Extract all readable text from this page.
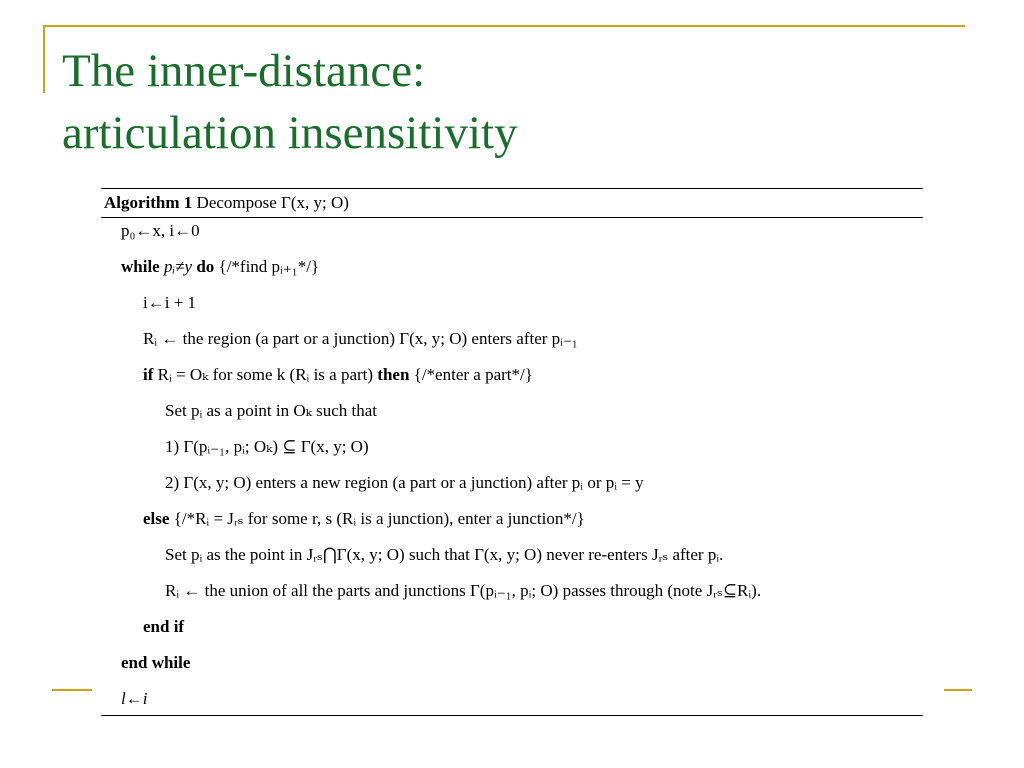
The inner-distance:
articulation insensitivity
Algorithm 1 Decompose Γ(x, y; O)
p₀←x, i←0
while pᵢ≠y do {/*find pᵢ₊₁*/}
i←i + 1
Rᵢ ← the region (a part or a junction) Γ(x, y; O) enters after pᵢ₋₁
if Rᵢ = Oₖ for some k (Rᵢ is a part) then {/*enter a part*/}
Set pᵢ as a point in Oₖ such that
1) Γ(pᵢ₋₁, pᵢ; Oₖ) ⊆ Γ(x, y; O)
2) Γ(x, y; O) enters a new region (a part or a junction) after pᵢ or pᵢ = y
else {/*Rᵢ = Jᵣₛ for some r, s (Rᵢ is a junction), enter a junction*/}
Set pᵢ as the point in Jᵣₛ⋂Γ(x, y; O) such that Γ(x, y; O) never re-enters Jᵣₛ after pᵢ.
Rᵢ ← the union of all the parts and junctions Γ(pᵢ₋₁, pᵢ; O) passes through (note Jᵣₛ⊆Rᵢ).
end if
end while
l←i
